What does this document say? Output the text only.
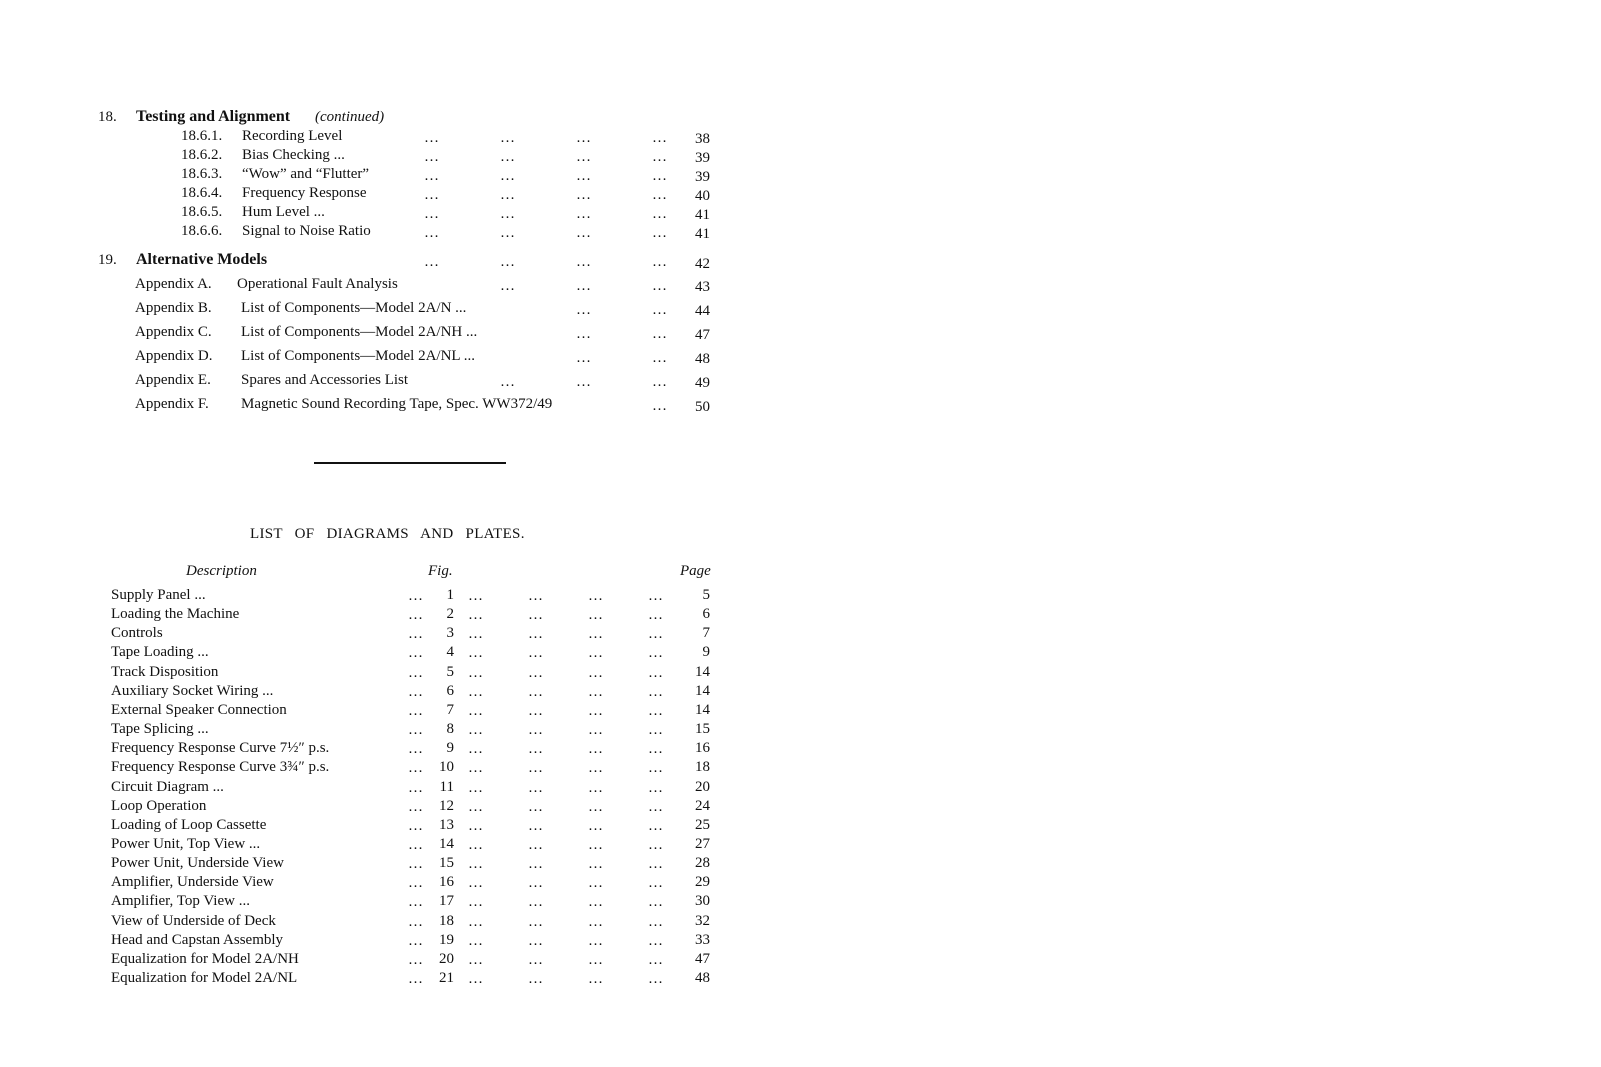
18. Testing and Alignment (continued)
18.6.1. Recording Level	…	…	…	…	38
18.6.2. Bias Checking ...	…	…	…	…	39
18.6.3. “Wow” and “Flutter”	…	…	…	…	39
18.6.4. Frequency Response	…	…	…	…	40
18.6.5. Hum Level ...	…	…	…	…	41
18.6.6. Signal to Noise Ratio	…	…	…	…	41
19. Alternative Models	…	…	…	…	42
Appendix A. Operational Fault Analysis	…	…	…	43
Appendix B. List of Components—Model 2A/N ...	…	…	44
Appendix C. List of Components—Model 2A/NH ...	…	…	47
Appendix D. List of Components—Model 2A/NL ...	…	…	48
Appendix E. Spares and Accessories List	…	…	…	49
Appendix F. Magnetic Sound Recording Tape, Spec. WW372/49	…	50
LIST OF DIAGRAMS AND PLATES.
Description	Fig.	Page
Supply Panel ...	…	1 …	…	…	…	5
Loading the Machine	…	2 …	…	…	…	6
Controls	…	3 …	…	…	…	7
Tape Loading ...	…	4 …	…	…	…	9
Track Disposition	…	5 …	…	…	…	14
Auxiliary Socket Wiring ...	…	6 …	…	…	…	14
External Speaker Connection	…	7 …	…	…	…	14
Tape Splicing ...	…	8 …	…	…	…	15
Frequency Response Curve 7½″ p.s.	…	9 …	…	…	…	16
Frequency Response Curve 3¾″ p.s.	…	10 …	…	…	…	18
Circuit Diagram ...	…	11 …	…	…	…	20
Loop Operation	…	12 …	…	…	…	24
Loading of Loop Cassette	…	13 …	…	…	…	25
Power Unit, Top View ...	…	14 …	…	…	…	27
Power Unit, Underside View	…	15 …	…	…	…	28
Amplifier, Underside View	…	16 …	…	…	…	29
Amplifier, Top View ...	…	17 …	…	…	…	30
View of Underside of Deck	…	18 …	…	…	…	32
Head and Capstan Assembly	…	19 …	…	…	…	33
Equalization for Model 2A/NH	…	20 …	…	…	…	47
Equalization for Model 2A/NL	…	21 …	…	…	…	48
